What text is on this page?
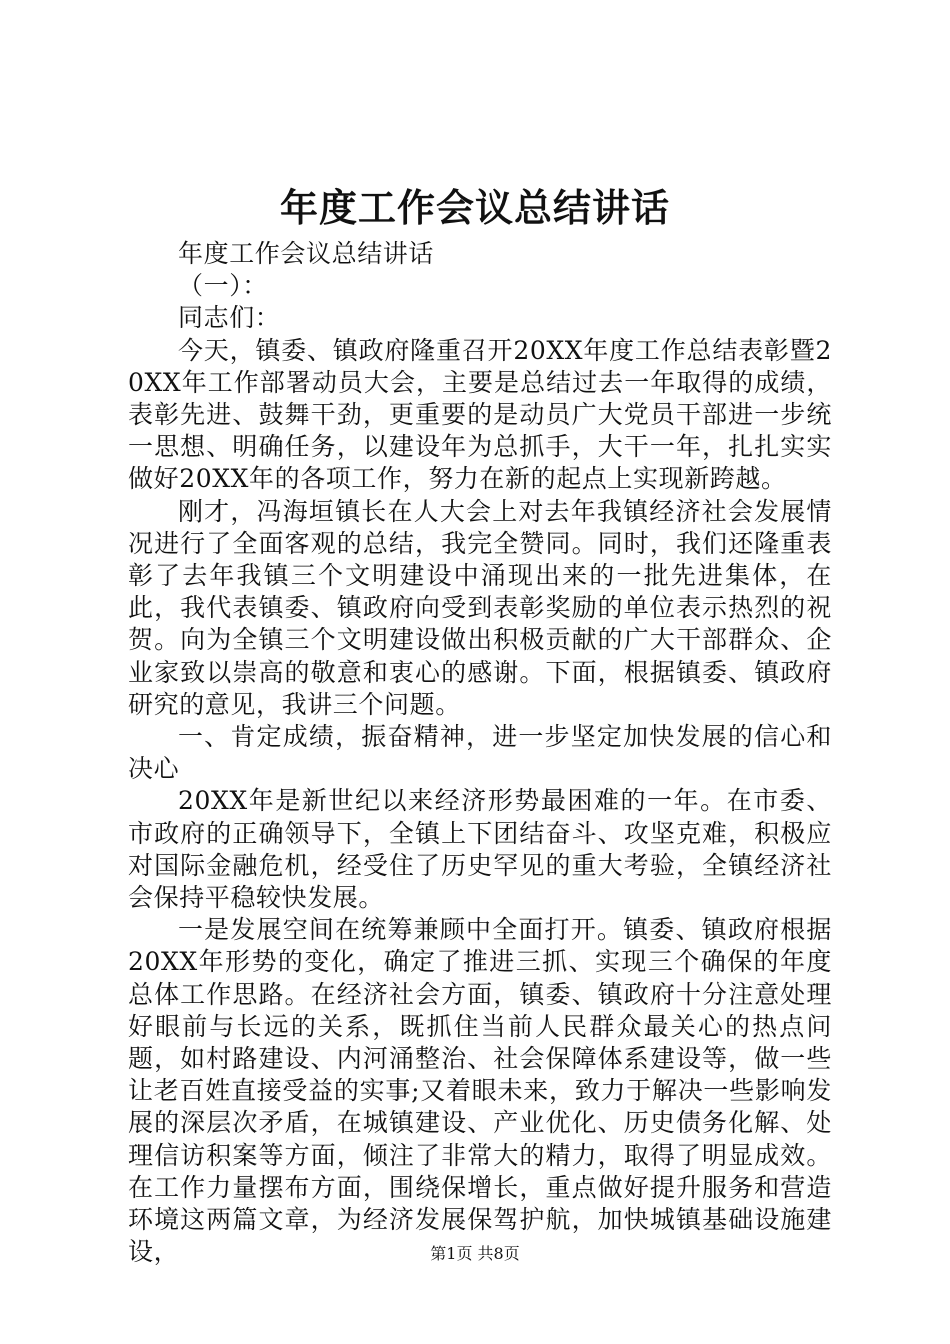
年度工作会议总结讲话

年度工作会议总结讲话

（一）：

同志们：

今天，镇委、镇政府隆重召开20XX年度工作总结表彰暨20XX年工作部署动员大会，主要是总结过去一年取得的成绩，表彰先进、鼓舞干劲，更重要的是动员广大党员干部进一步统一思想、明确任务，以建设年为总抓手，大干一年，扎扎实实做好20XX年的各项工作，努力在新的起点上实现新跨越。

刚才，冯海垣镇长在人大会上对去年我镇经济社会发展情况进行了全面客观的总结，我完全赞同。同时，我们还隆重表彰了去年我镇三个文明建设中涌现出来的一批先进集体，在此，我代表镇委、镇政府向受到表彰奖励的单位表示热烈的祝贺。向为全镇三个文明建设做出积极贡献的广大干部群众、企业家致以崇高的敬意和衷心的感谢。下面，根据镇委、镇政府研究的意见，我讲三个问题。

一、肯定成绩，振奋精神，进一步坚定加快发展的信心和决心

20XX年是新世纪以来经济形势最困难的一年。在市委、市政府的正确领导下，全镇上下团结奋斗、攻坚克难，积极应对国际金融危机，经受住了历史罕见的重大考验，全镇经济社会保持平稳较快发展。

一是发展空间在统筹兼顾中全面打开。镇委、镇政府根据20XX年形势的变化，确定了推进三抓、实现三个确保的年度总体工作思路。在经济社会方面，镇委、镇政府十分注意处理好眼前与长远的关系，既抓住当前人民群众最关心的热点问题，如村路建设、内河涌整治、社会保障体系建设等，做一些让老百姓直接受益的实事;又着眼未来，致力于解决一些影响发展的深层次矛盾，在城镇建设、产业优化、历史债务化解、处理信访积案等方面，倾注了非常大的精力，取得了明显成效。在工作力量摆布方面，围绕保增长，重点做好提升服务和营造环境这两篇文章，为经济发展保驾护航，加快城镇基础设施建设，	第1页 共8页
